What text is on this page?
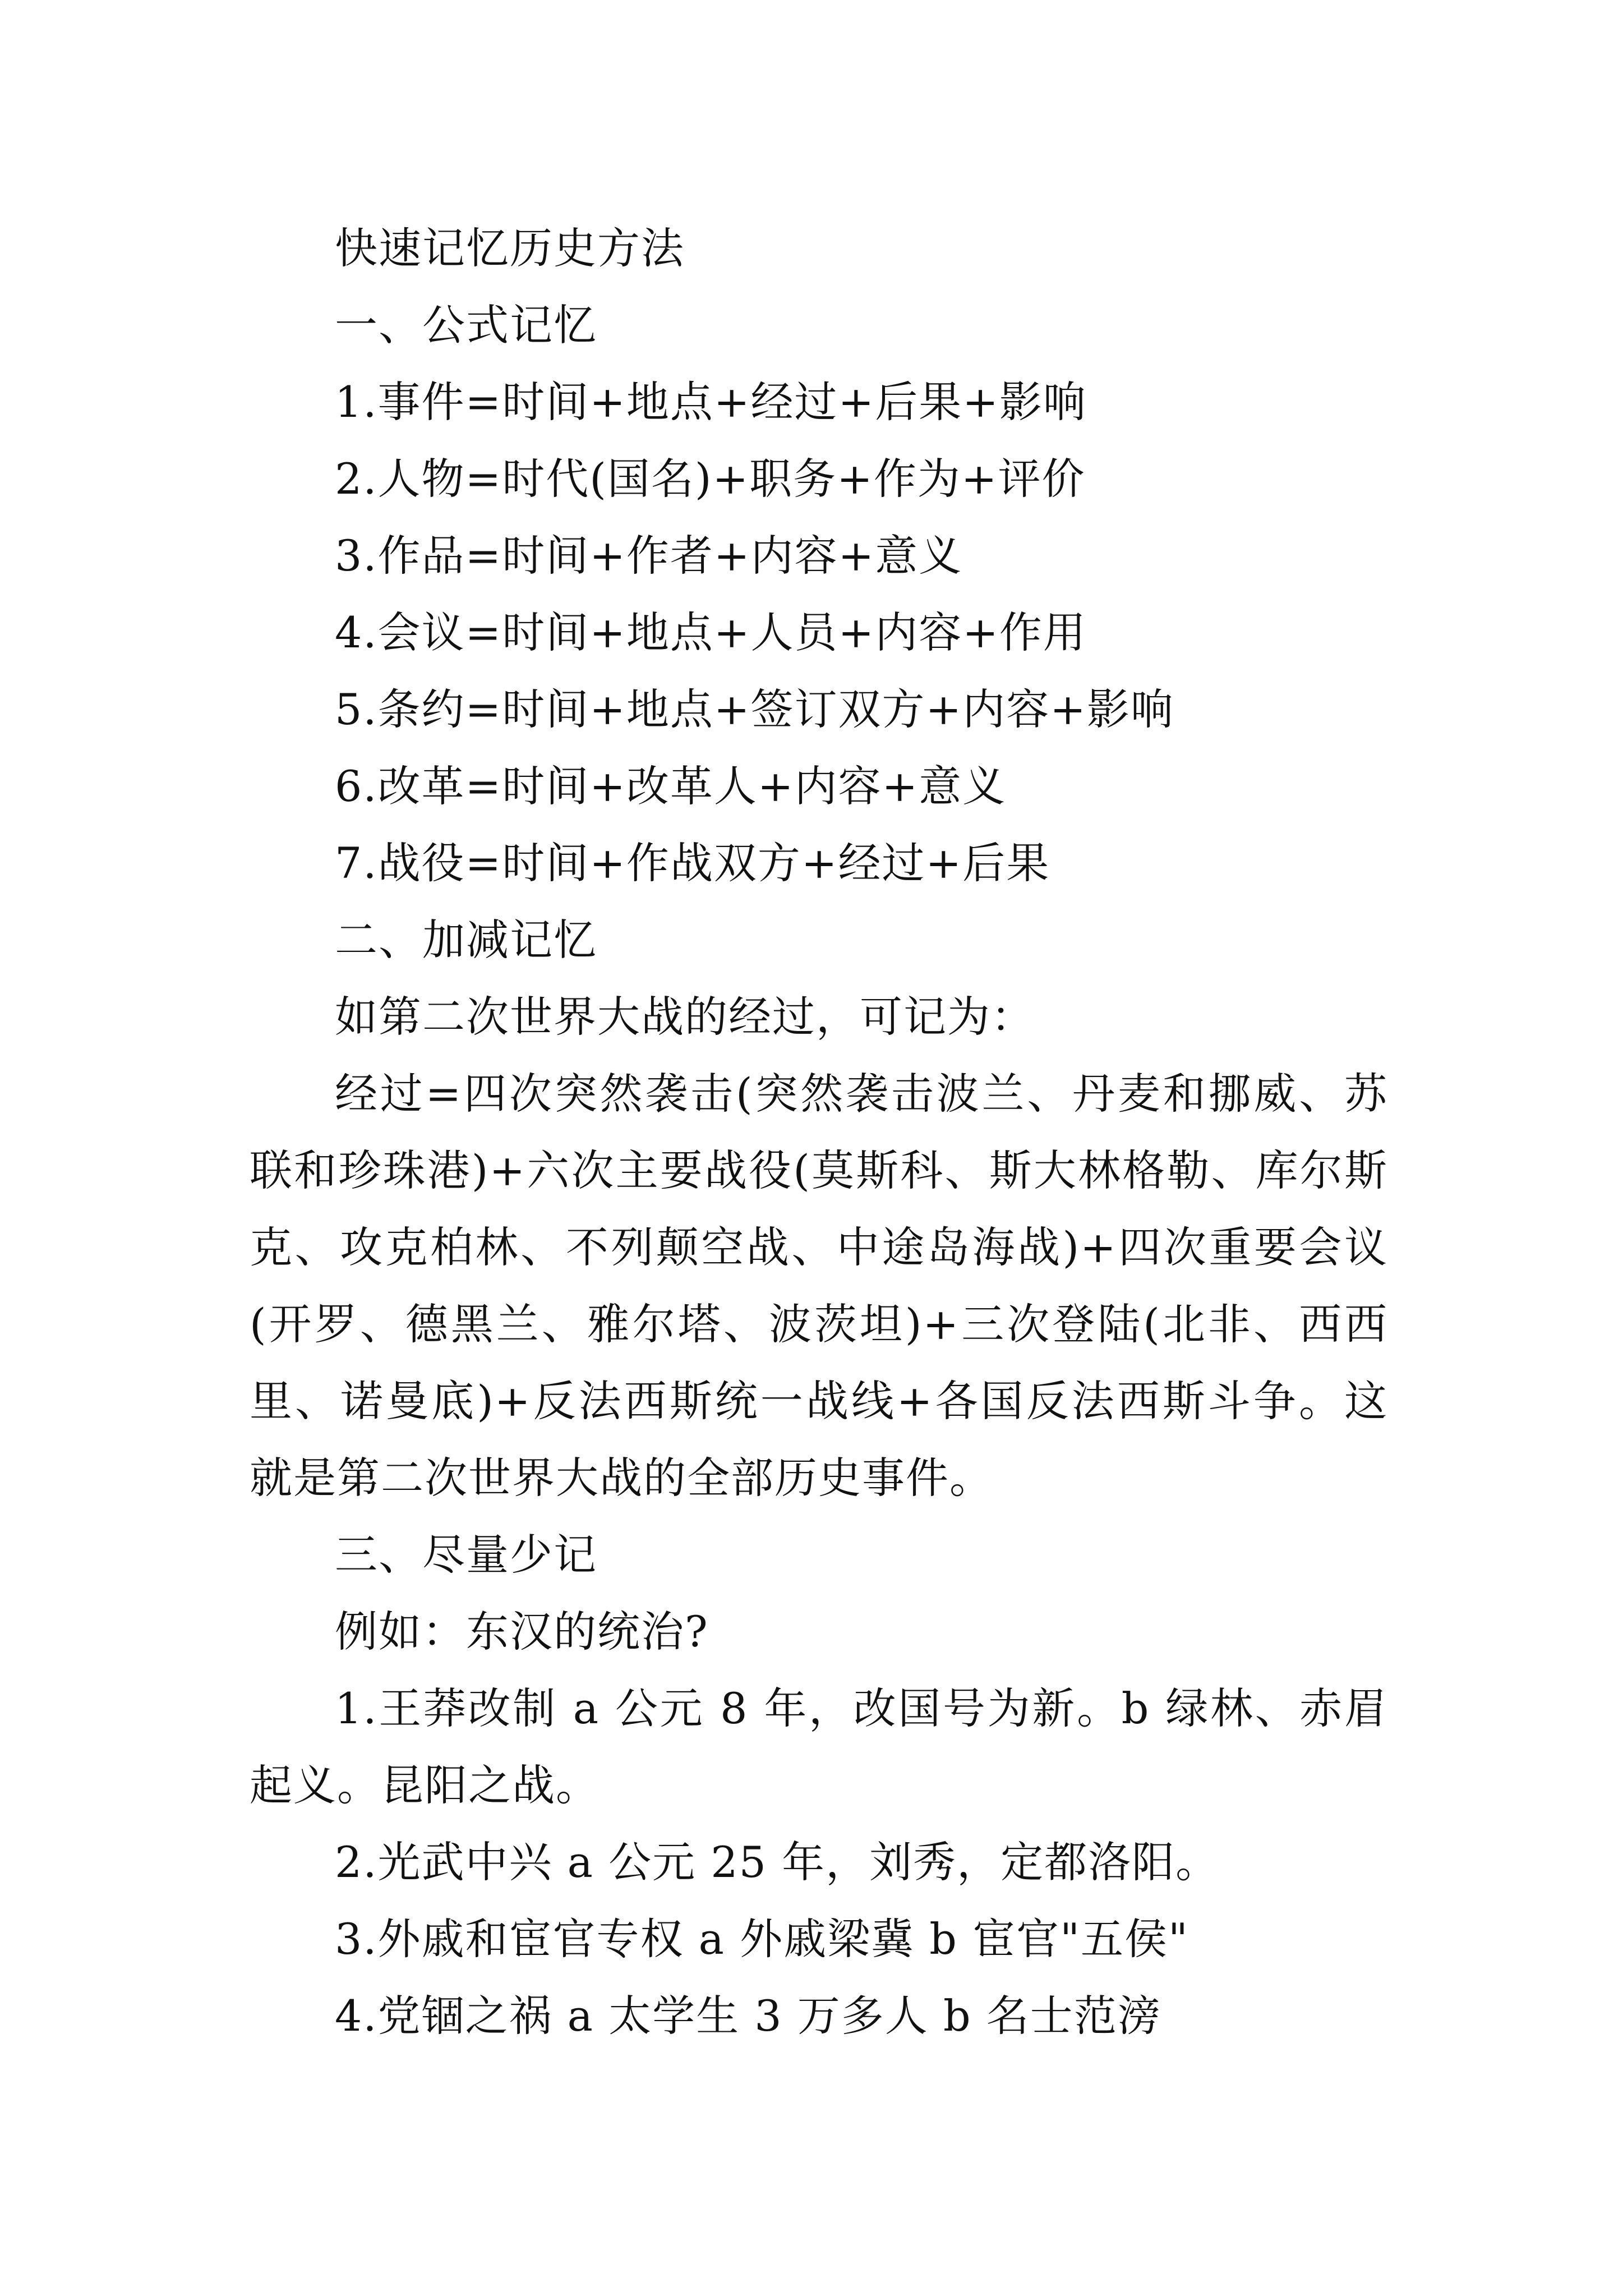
快速记忆历史方法
一、公式记忆
1.事件=时间+地点+经过+后果+影响
2.人物=时代(国名)+职务+作为+评价
3.作品=时间+作者+内容+意义
4.会议=时间+地点+人员+内容+作用
5.条约=时间+地点+签订双方+内容+影响
6.改革=时间+改革人+内容+意义
7.战役=时间+作战双方+经过+后果
二、加减记忆
如第二次世界大战的经过，可记为：
经过=四次突然袭击(突然袭击波兰、丹麦和挪威、苏联和珍珠港)+六次主要战役(莫斯科、斯大林格勒、库尔斯克、攻克柏林、不列颠空战、中途岛海战)+四次重要会议(开罗、德黑兰、雅尔塔、波茨坦)+三次登陆(北非、西西里、诺曼底)+反法西斯统一战线+各国反法西斯斗争。这就是第二次世界大战的全部历史事件。
三、尽量少记
例如：东汉的统治?
1.王莽改制 a 公元 8 年，改国号为新。b 绿林、赤眉起义。昆阳之战。
2.光武中兴 a 公元 25 年，刘秀，定都洛阳。
3.外戚和宦官专权 a 外戚梁冀 b 宦官"五侯"
4.党锢之祸 a 太学生 3 万多人 b 名士范滂
